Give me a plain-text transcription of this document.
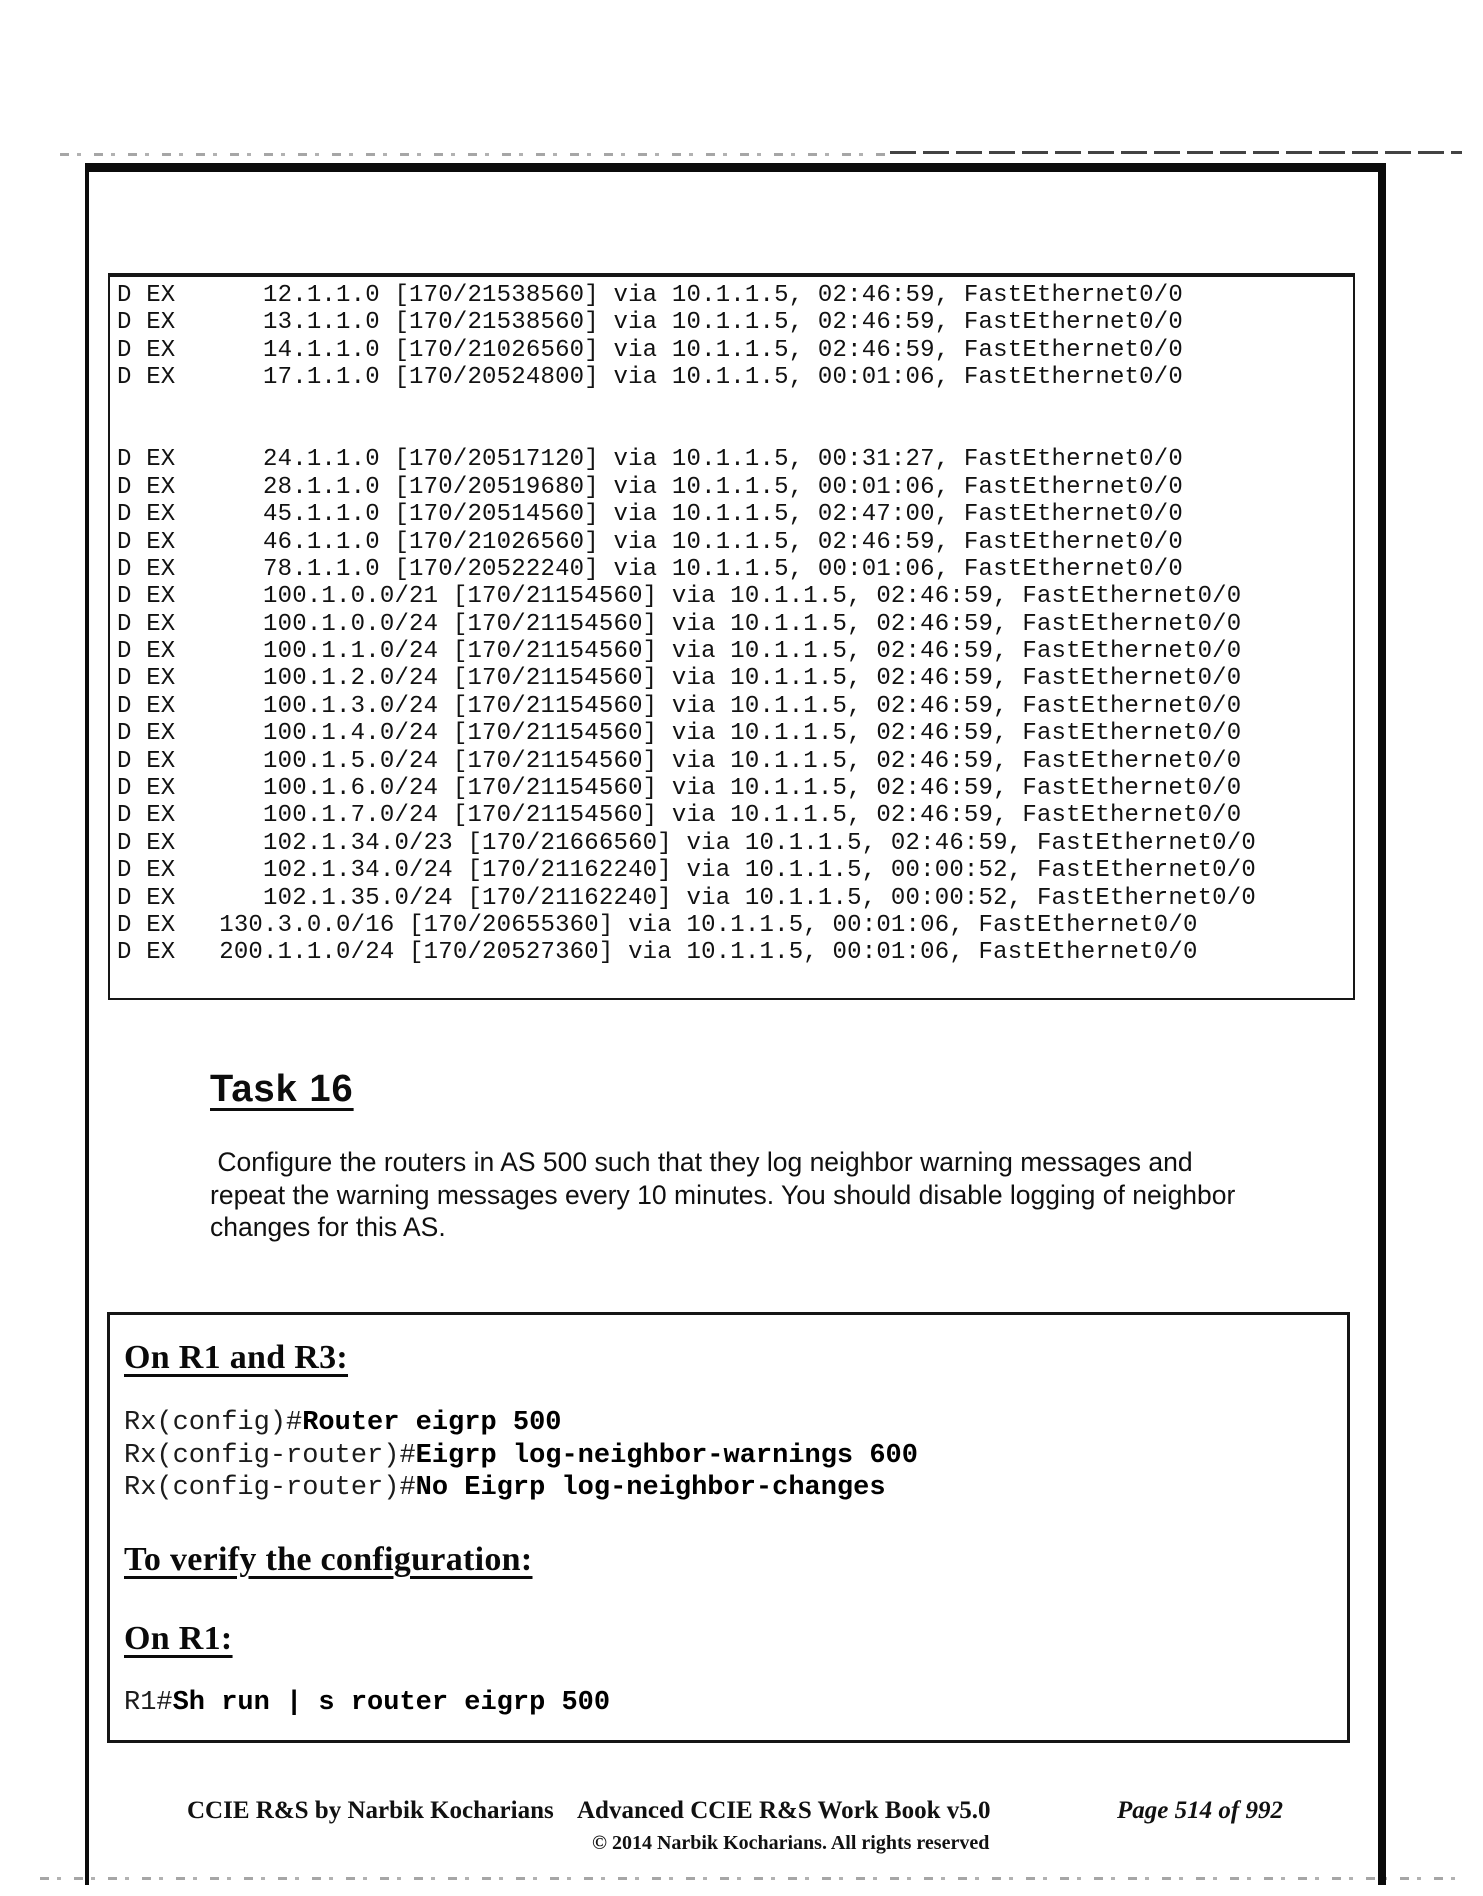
D EX      12.1.1.0 [170/21538560] via 10.1.1.5, 02:46:59, FastEthernet0/0
D EX      13.1.1.0 [170/21538560] via 10.1.1.5, 02:46:59, FastEthernet0/0
D EX      14.1.1.0 [170/21026560] via 10.1.1.5, 02:46:59, FastEthernet0/0
D EX      17.1.1.0 [170/20524800] via 10.1.1.5, 00:01:06, FastEthernet0/0
D EX      24.1.1.0 [170/20517120] via 10.1.1.5, 00:31:27, FastEthernet0/0
D EX      28.1.1.0 [170/20519680] via 10.1.1.5, 00:01:06, FastEthernet0/0
D EX      45.1.1.0 [170/20514560] via 10.1.1.5, 02:47:00, FastEthernet0/0
D EX      46.1.1.0 [170/21026560] via 10.1.1.5, 02:46:59, FastEthernet0/0
D EX      78.1.1.0 [170/20522240] via 10.1.1.5, 00:01:06, FastEthernet0/0
D EX      100.1.0.0/21 [170/21154560] via 10.1.1.5, 02:46:59, FastEthernet0/0
D EX      100.1.0.0/24 [170/21154560] via 10.1.1.5, 02:46:59, FastEthernet0/0
D EX      100.1.1.0/24 [170/21154560] via 10.1.1.5, 02:46:59, FastEthernet0/0
D EX      100.1.2.0/24 [170/21154560] via 10.1.1.5, 02:46:59, FastEthernet0/0
D EX      100.1.3.0/24 [170/21154560] via 10.1.1.5, 02:46:59, FastEthernet0/0
D EX      100.1.4.0/24 [170/21154560] via 10.1.1.5, 02:46:59, FastEthernet0/0
D EX      100.1.5.0/24 [170/21154560] via 10.1.1.5, 02:46:59, FastEthernet0/0
D EX      100.1.6.0/24 [170/21154560] via 10.1.1.5, 02:46:59, FastEthernet0/0
D EX      100.1.7.0/24 [170/21154560] via 10.1.1.5, 02:46:59, FastEthernet0/0
D EX      102.1.34.0/23 [170/21666560] via 10.1.1.5, 02:46:59, FastEthernet0/0
D EX      102.1.34.0/24 [170/21162240] via 10.1.1.5, 00:00:52, FastEthernet0/0
D EX      102.1.35.0/24 [170/21162240] via 10.1.1.5, 00:00:52, FastEthernet0/0
D EX   130.3.0.0/16 [170/20655360] via 10.1.1.5, 00:01:06, FastEthernet0/0
D EX   200.1.1.0/24 [170/20527360] via 10.1.1.5, 00:01:06, FastEthernet0/0
Task 16
Configure the routers in AS 500 such that they log neighbor warning messages and
repeat the warning messages every 10 minutes. You should disable logging of neighbor
changes for this AS.
On R1 and R3:
Rx(config)#Router eigrp 500
Rx(config-router)#Eigrp log-neighbor-warnings 600
Rx(config-router)#No Eigrp log-neighbor-changes
To verify the configuration:
On R1:
R1#Sh run | s router eigrp 500
CCIE R&S by Narbik Kocharians Advanced CCIE R&S Work Book v5.0
© 2014 Narbik Kocharians. All rights reserved
Page 514 of 992
